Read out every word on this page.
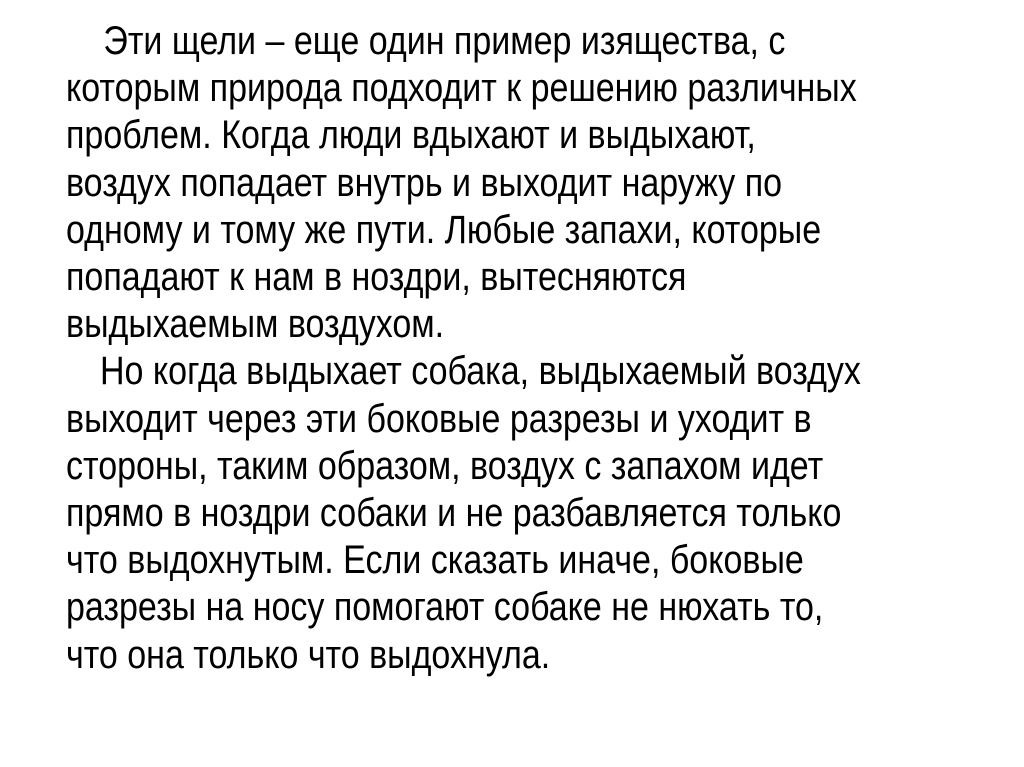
Эти щели – еще один пример изящества, с
которым природа подходит к решению различных
проблем. Когда люди вдыхают и выдыхают,
воздух попадает внутрь и выходит наружу по
одному и тому же пути. Любые запахи, которые
попадают к нам в ноздри, вытесняются
выдыхаемым воздухом.
Но когда выдыхает собака, выдыхаемый воздух
выходит через эти боковые разрезы и уходит в
стороны, таким образом, воздух с запахом идет
прямо в ноздри собаки и не разбавляется только
что выдохнутым. Если сказать иначе, боковые
разрезы на носу помогают собаке не нюхать то,
что она только что выдохнула.
